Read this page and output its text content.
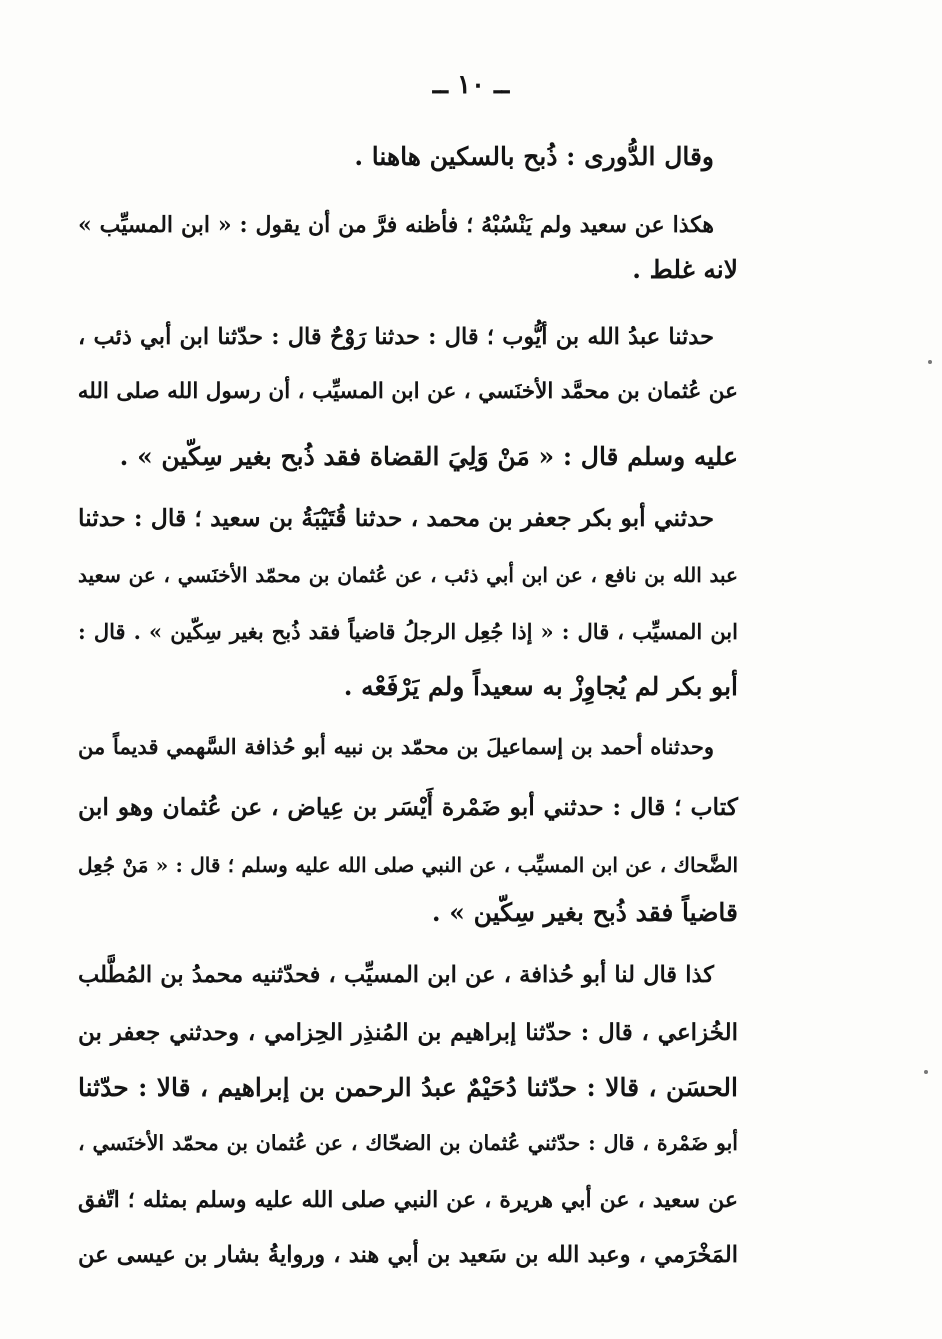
ــ ١٠ ــ
وقال الدُّورى : ذُبح بالسكين هاهنا .
هكذا عن سعيد ولم يَنْسُبْهُ ؛ فأظنه فرَّ من أن يقول : « ابن المسيِّب »
لانه غلط .
حدثنا عبدُ الله بن أيُّوب ؛ قال : حدثنا رَوْحٌ قال : حدّثنا ابن أبي ذئب ،
عن عُثمان بن محمَّد الأخنَسي ، عن ابن المسيِّب ، أن رسول الله صلى الله
عليه وسلم قال : « مَنْ وَلِيَ القضاة فقد ذُبح بغير سِكّين » .
حدثني أبو بكر جعفر بن محمد ، حدثنا قُتَيْبَةُ بن سعيد ؛ قال : حدثنا
عبد الله بن نافع ، عن ابن أبي ذئب ، عن عُثمان بن محمّد الأخنَسي ، عن سعيد
ابن المسيِّب ، قال : « إذا جُعِل الرجلُ قاضياً فقد ذُبح بغير سِكّين » . قال :
أبو بكر لم يُجاوِزْ به سعيداً ولم يَرْفَعْه .
وحدثناه أحمد بن إسماعيلَ بن محمّد بن نبيه أبو حُذافة السَّهمي قديماً من
كتاب ؛ قال : حدثني أبو ضَمْرة أَيْسَر بن عِياض ، عن عُثمان وهو ابن
الضَّحاك ، عن ابن المسيِّب ، عن النبي صلى الله عليه وسلم ؛ قال : « مَنْ جُعِل
قاضياً فقد ذُبح بغير سِكّين » .
كذا قال لنا أبو حُذافة ، عن ابن المسيِّب ، فحدّثنيه محمدُ بن المُطَّلب
الخُزاعي ، قال : حدّثنا إبراهيم بن المُنذِر الحِزامي ، وحدثني جعفر بن
الحسَن ، قالا : حدّثنا دُحَيْمٌ عبدُ الرحمن بن إبراهيم ، قالا : حدّثنا
أبو ضَمْرة ، قال : حدّثني عُثمان بن الضحّاك ، عن عُثمان بن محمّد الأخنَسي ،
عن سعيد ، عن أبي هريرة ، عن النبي صلى الله عليه وسلم بمثله ؛ اتّفق
المَخْرَمي ، وعبد الله بن سَعيد بن أبي هند ، وروايةُ بشار بن عيسى عن
